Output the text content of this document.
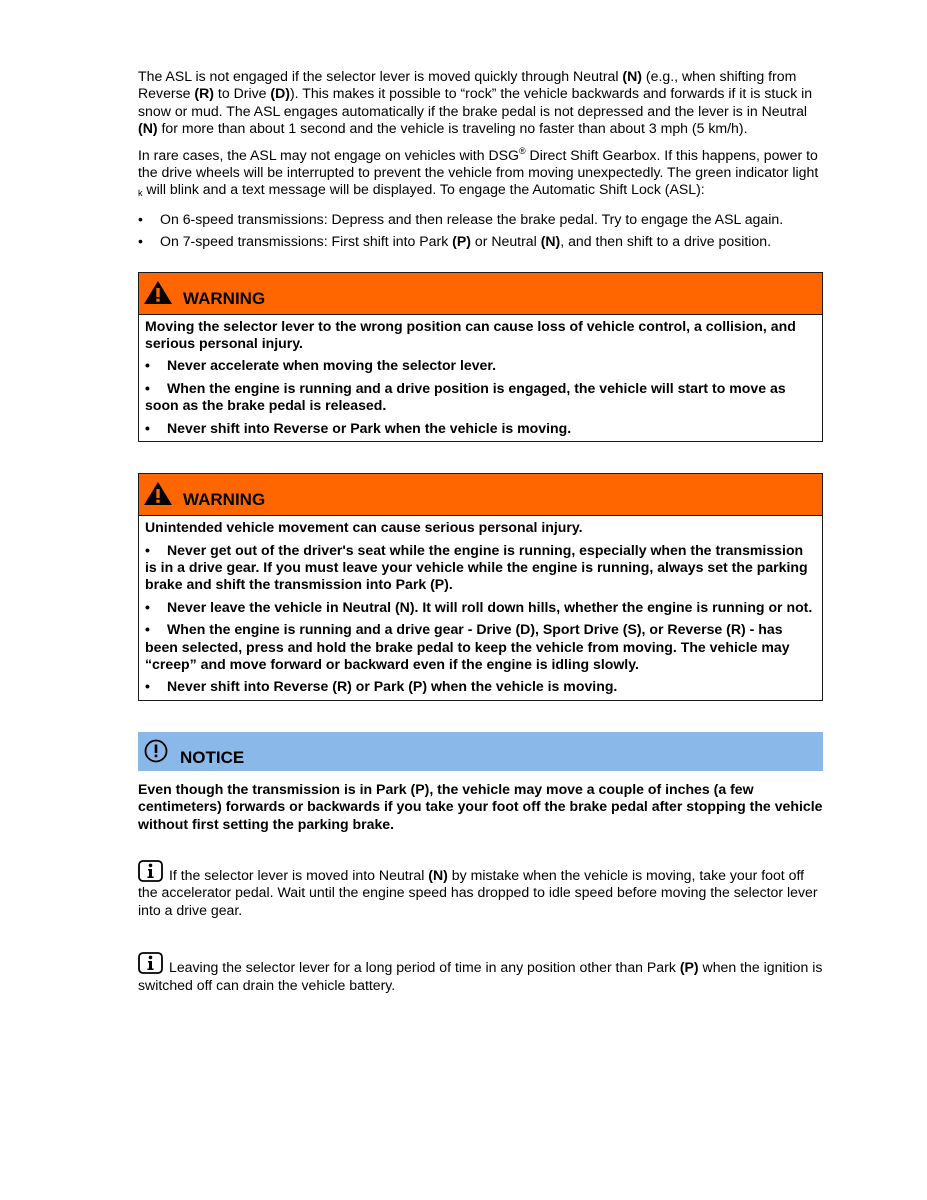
The ASL is not engaged if the selector lever is moved quickly through Neutral (N) (e.g., when shifting from Reverse (R) to Drive (D)). This makes it possible to “rock” the vehicle backwards and forwards if it is stuck in snow or mud. The ASL engages automatically if the brake pedal is not depressed and the lever is in Neutral (N) for more than about 1 second and the vehicle is traveling no faster than about 3 mph (5 km/h).

In rare cases, the ASL may not engage on vehicles with DSG® Direct Shift Gearbox. If this happens, power to the drive wheels will be interrupted to prevent the vehicle from moving unexpectedly. The green indicator light k will blink and a text message will be displayed. To engage the Automatic Shift Lock (ASL):

• On 6-speed transmissions: Depress and then release the brake pedal. Try to engage the ASL again.
• On 7-speed transmissions: First shift into Park (P) or Neutral (N), and then shift to a drive position.
WARNING

Moving the selector lever to the wrong position can cause loss of vehicle control, a collision, and serious personal injury.

• Never accelerate when moving the selector lever.
• When the engine is running and a drive position is engaged, the vehicle will start to move as soon as the brake pedal is released.
• Never shift into Reverse or Park when the vehicle is moving.
WARNING

Unintended vehicle movement can cause serious personal injury.

• Never get out of the driver's seat while the engine is running, especially when the transmission is in a drive gear. If you must leave your vehicle while the engine is running, always set the parking brake and shift the transmission into Park (P).
• Never leave the vehicle in Neutral (N). It will roll down hills, whether the engine is running or not.
• When the engine is running and a drive gear - Drive (D), Sport Drive (S), or Reverse (R) - has been selected, press and hold the brake pedal to keep the vehicle from moving. The vehicle may “creep” and move forward or backward even if the engine is idling slowly.
• Never shift into Reverse (R) or Park (P) when the vehicle is moving.
NOTICE

Even though the transmission is in Park (P), the vehicle may move a couple of inches (a few centimeters) forwards or backwards if you take your foot off the brake pedal after stopping the vehicle without first setting the parking brake.

If the selector lever is moved into Neutral (N) by mistake when the vehicle is moving, take your foot off the accelerator pedal. Wait until the engine speed has dropped to idle speed before moving the selector lever into a drive gear.

Leaving the selector lever for a long period of time in any position other than Park (P) when the ignition is switched off can drain the vehicle battery.
